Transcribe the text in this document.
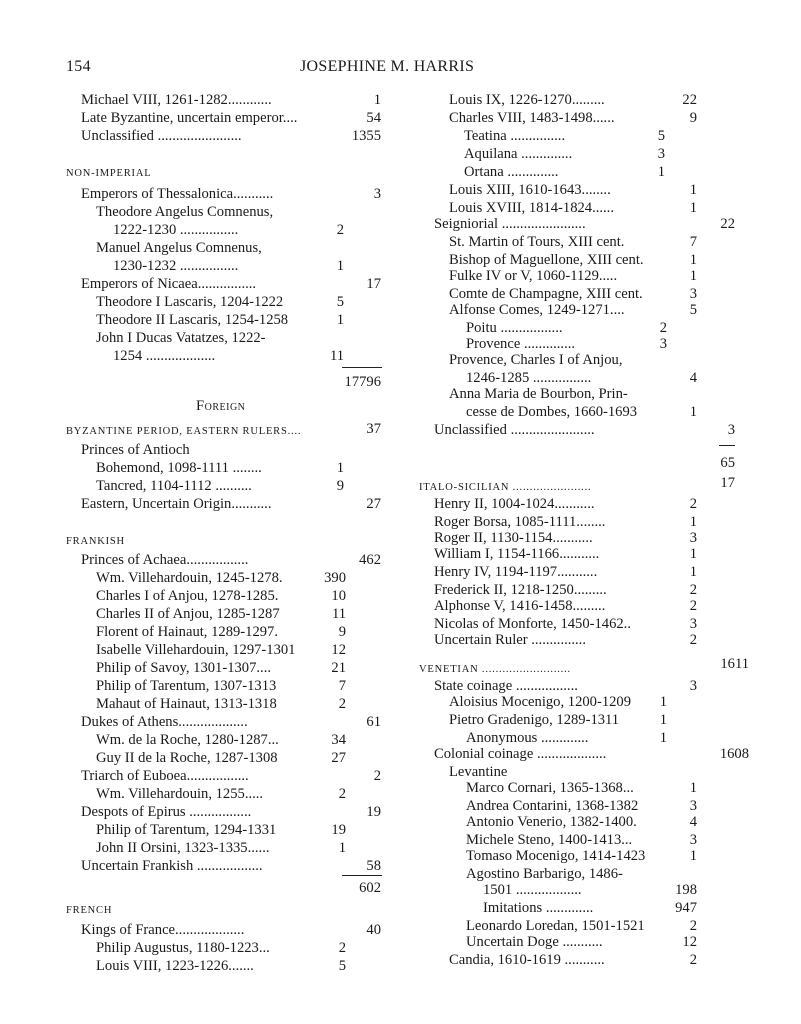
154	JOSEPHINE M. HARRIS
Michael VIII, 1261-1282............	1
Late Byzantine, uncertain emperor....	54
Unclassified .......................	1355
NON-IMPERIAL
Emperors of Thessalonica...........	3
Theodore Angelus Comnenus,
1222-1230 ................	2
Manuel Angelus Comnenus,
1230-1232 ................	1
Emperors of Nicaea................	17
Theodore I Lascaris, 1204-1222	5
Theodore II Lascaris, 1254-1258	1
John I Ducas Vatatzes, 1222-
1254 ...................	11
17796
Foreign
BYZANTINE PERIOD, EASTERN RULERS....	37
Princes of Antioch
Bohemond, 1098-1111 ........	1
Tancred, 1104-1112 ..........	9
Eastern, Uncertain Origin...........	27
FRANKISH
Princes of Achaea.................	462
Wm. Villehardouin, 1245-1278.	390
Charles I of Anjou, 1278-1285.	10
Charles II of Anjou, 1285-1287	11
Florent of Hainaut, 1289-1297.	9
Isabelle Villehardouin, 1297-1301 12
Philip of Savoy, 1301-1307....	21
Philip of Tarentum, 1307-1313	7
Mahaut of Hainaut, 1313-1318	2
Dukes of Athens...................	61
Wm. de la Roche, 1280-1287...	34
Guy II de la Roche, 1287-1308	27
Triarch of Euboea.................	2
Wm. Villehardouin, 1255.....	2
Despots of Epirus .................	19
Philip of Tarentum, 1294-1331	19
John II Orsini, 1323-1335......	1
Uncertain Frankish ..................	58
602
FRENCH
Kings of France...................	40
Philip Augustus, 1180-1223...	2
Louis VIII, 1223-1226.......	5
Louis IX, 1226-1270.........	22
Charles VIII, 1483-1498......	9
Teatina ...............	5
Aquilana ..............	3
Ortana ..............	1
Louis XIII, 1610-1643........	1
Louis XVIII, 1814-1824......	1
Seigniorial .......................	22
St. Martin of Tours, XIII cent.	7
Bishop of Maguellone, XIII cent.	1
Fulke IV or V, 1060-1129.....	1
Comte de Champagne, XIII cent.	3
Alfonse Comes, 1249-1271....	5
Poitu .................	2
Provence ..............	3
Provence, Charles I of Anjou,
1246-1285 ................	4
Anna Maria de Bourbon, Prin-
cesse de Dombes, 1660-1693	1
Unclassified .......................	3
65
ITALO-SICILIAN .......................	17
Henry II, 1004-1024...........	2
Roger Borsa, 1085-1111........	1
Roger II, 1130-1154...........	3
William I, 1154-1166...........	1
Henry IV, 1194-1197...........	1
Frederick II, 1218-1250.........	2
Alphonse V, 1416-1458.........	2
Nicolas of Monforte, 1450-1462..	3
Uncertain Ruler ...............	2
VENETIAN ..........................	1611
State coinage .................	3
Aloisius Mocenigo, 1200-1209 1
Pietro Gradenigo, 1289-1311	1
Anonymous .............	1
Colonial coinage ...................	1608
Levantine
Marco Cornari, 1365-1368...	1
Andrea Contarini, 1368-1382	3
Antonio Venerio, 1382-1400.	4
Michele Steno, 1400-1413...	3
Tomaso Mocenigo, 1414-1423	1
Agostino Barbarigo, 1486-
1501 ..................	198
Imitations .............	947
Leonardo Loredan, 1501-1521	2
Uncertain Doge ...........	12
Candia, 1610-1619 ...........	2
